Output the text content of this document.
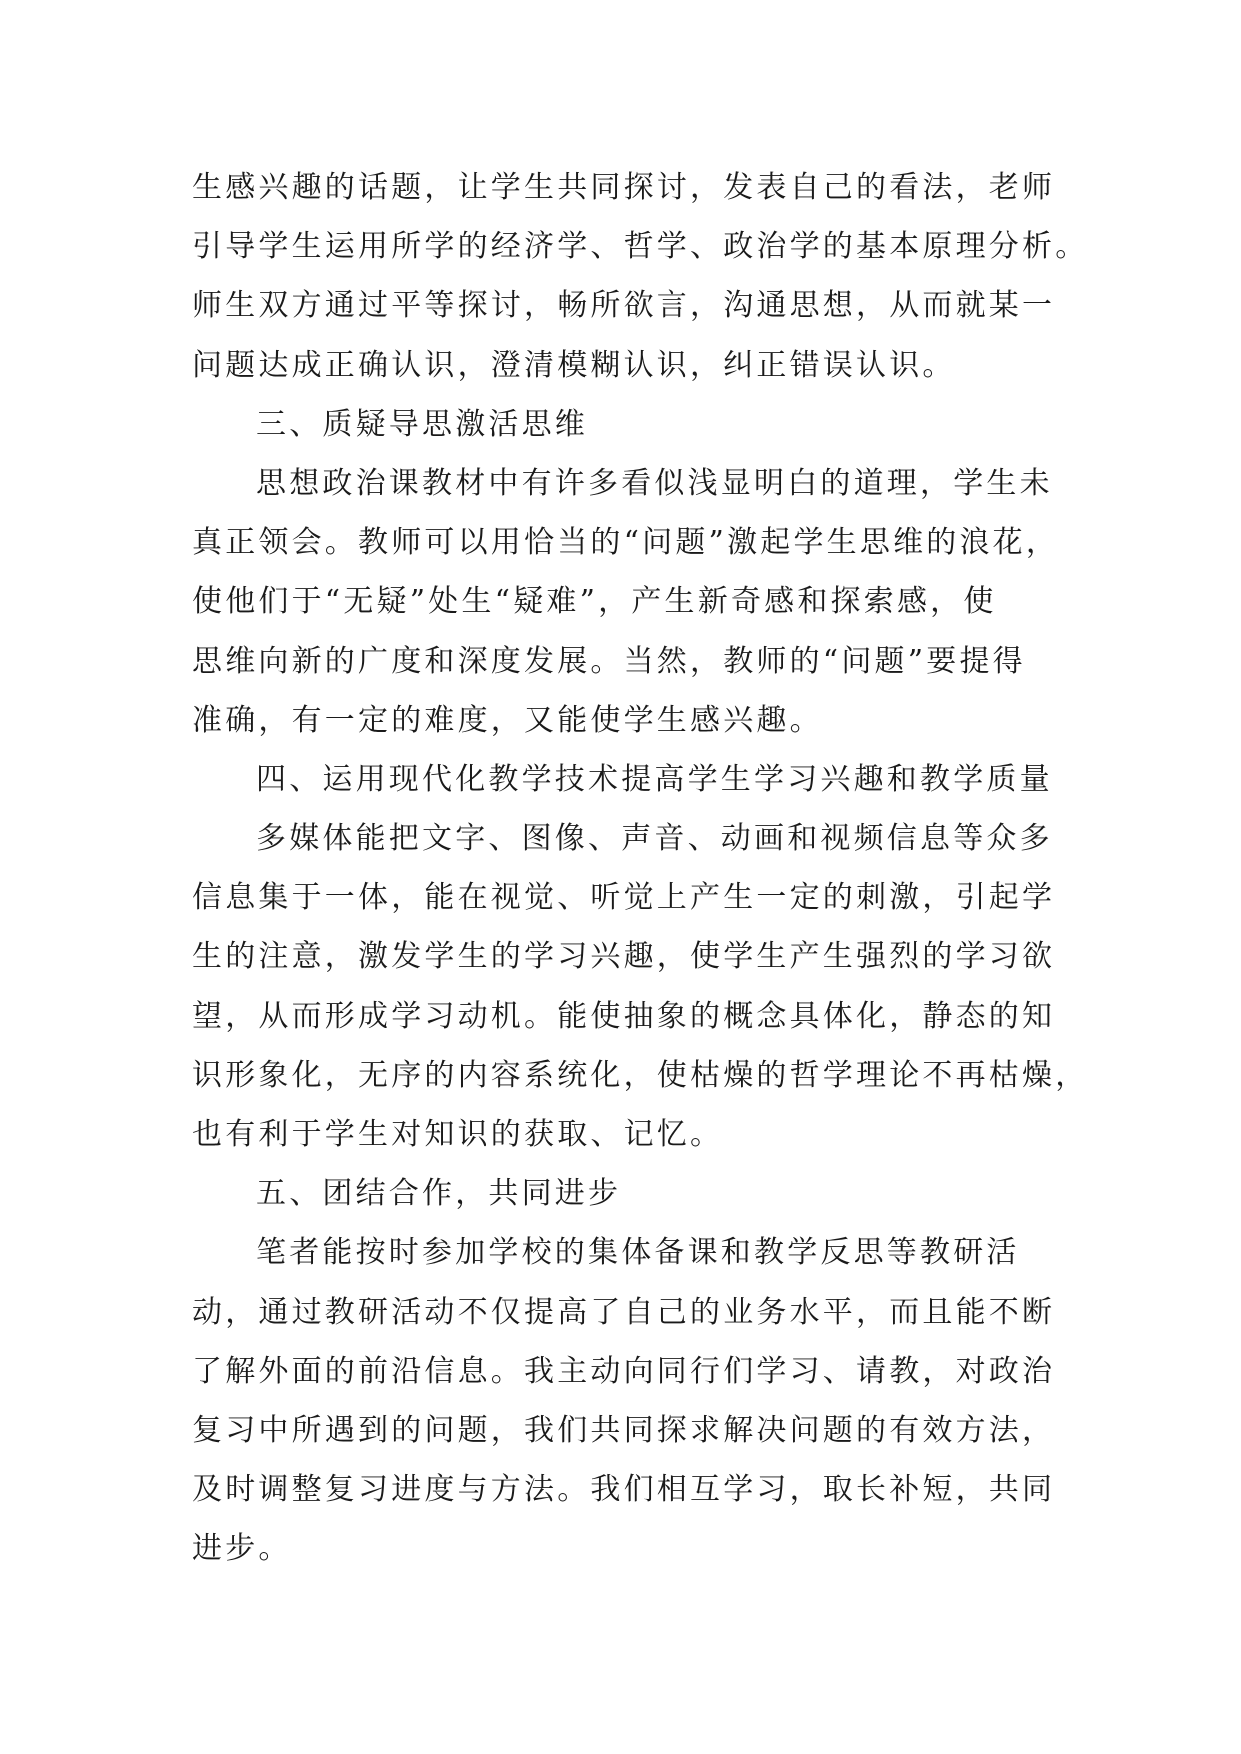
生感兴趣的话题，让学生共同探讨，发表自己的看法，老师
引导学生运用所学的经济学、哲学、政治学的基本原理分析。
师生双方通过平等探讨，畅所欲言，沟通思想，从而就某一
问题达成正确认识，澄清模糊认识，纠正错误认识。
三、质疑导思激活思维
思想政治课教材中有许多看似浅显明白的道理，学生未
真正领会。教师可以用恰当的“问题”激起学生思维的浪花，
使他们于“无疑”处生“疑难”，产生新奇感和探索感，使
思维向新的广度和深度发展。当然，教师的“问题”要提得
准确，有一定的难度，又能使学生感兴趣。
四、运用现代化教学技术提高学生学习兴趣和教学质量
多媒体能把文字、图像、声音、动画和视频信息等众多
信息集于一体，能在视觉、听觉上产生一定的刺激，引起学
生的注意，激发学生的学习兴趣，使学生产生强烈的学习欲
望，从而形成学习动机。能使抽象的概念具体化，静态的知
识形象化，无序的内容系统化，使枯燥的哲学理论不再枯燥，
也有利于学生对知识的获取、记忆。
五、团结合作，共同进步
笔者能按时参加学校的集体备课和教学反思等教研活
动，通过教研活动不仅提高了自己的业务水平，而且能不断
了解外面的前沿信息。我主动向同行们学习、请教，对政治
复习中所遇到的问题，我们共同探求解决问题的有效方法，
及时调整复习进度与方法。我们相互学习，取长补短，共同
进步。
